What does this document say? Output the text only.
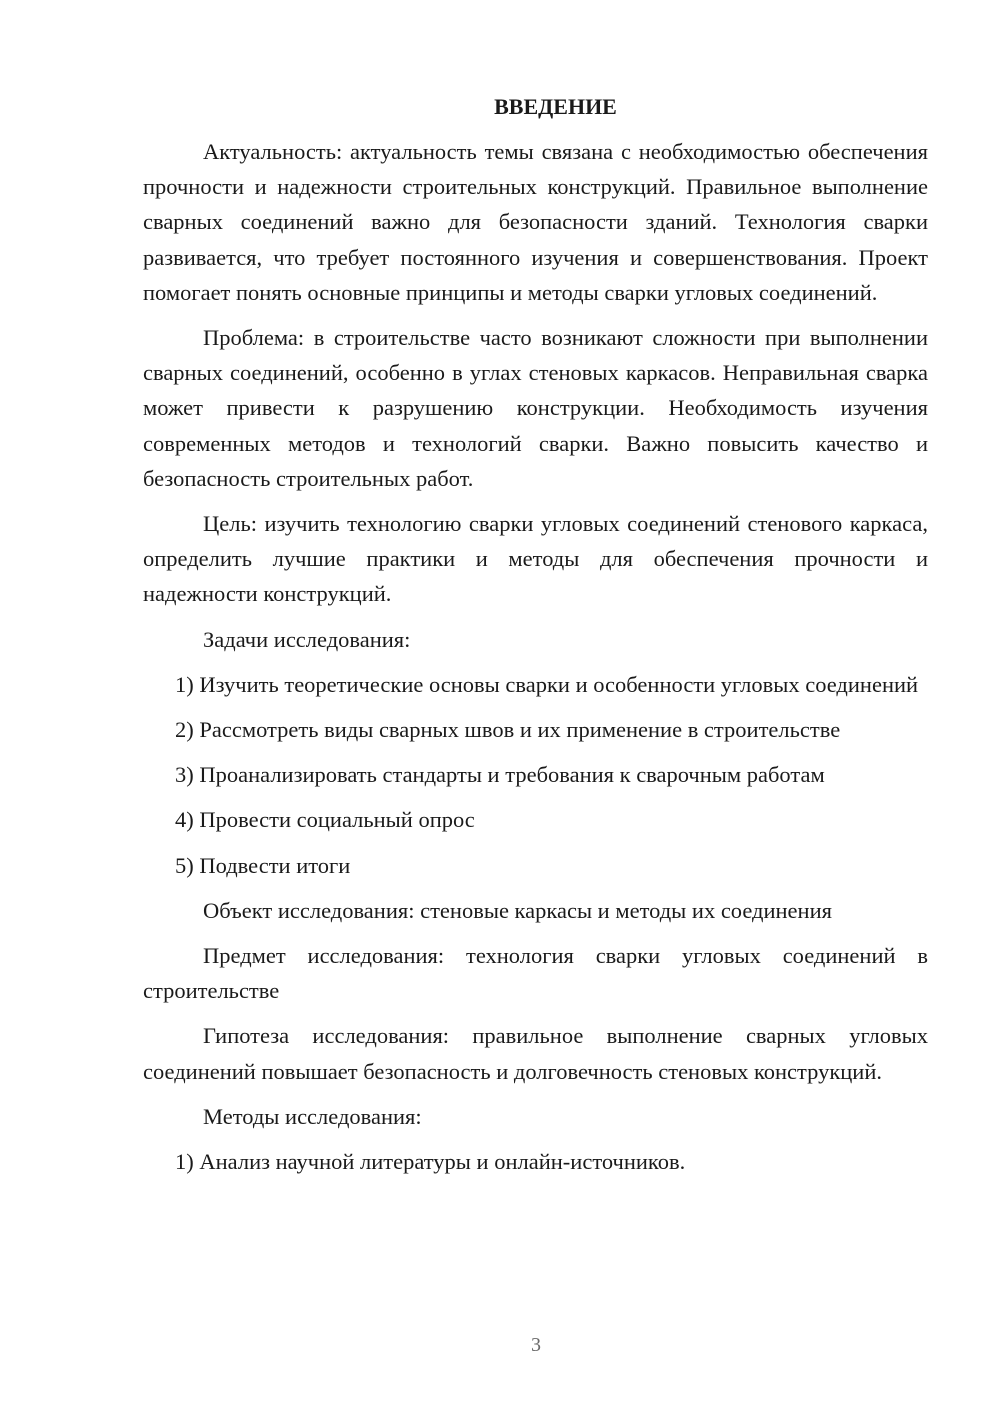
ВВЕДЕНИЕ

Актуальность: актуальность темы связана с необходимостью обеспечения прочности и надежности строительных конструкций. Правильное выполнение сварных соединений важно для безопасности зданий. Технология сварки развивается, что требует постоянного изучения и совершенствования. Проект помогает понять основные принципы и методы сварки угловых соединений.

Проблема: в строительстве часто возникают сложности при выполнении сварных соединений, особенно в углах стеновых каркасов. Неправильная сварка может привести к разрушению конструкции. Необходимость изучения современных методов и технологий сварки. Важно повысить качество и безопасность строительных работ.

Цель: изучить технологию сварки угловых соединений стенового каркаса, определить лучшие практики и методы для обеспечения прочности и надежности конструкций.

Задачи исследования:

1) Изучить теоретические основы сварки и особенности угловых соединений

2) Рассмотреть виды сварных швов и их применение в строительстве
3) Проанализировать стандарты и требования к сварочным работам
4) Провести социальный опрос
5) Подвести итоги
Объект исследования: стеновые каркасы и методы их соединения

Предмет исследования: технология сварки угловых соединений в строительстве

Гипотеза исследования: правильное выполнение сварных угловых соединений повышает безопасность и долговечность стеновых конструкций.

Методы исследования:
1) Анализ научной литературы и онлайн-источников.
3
